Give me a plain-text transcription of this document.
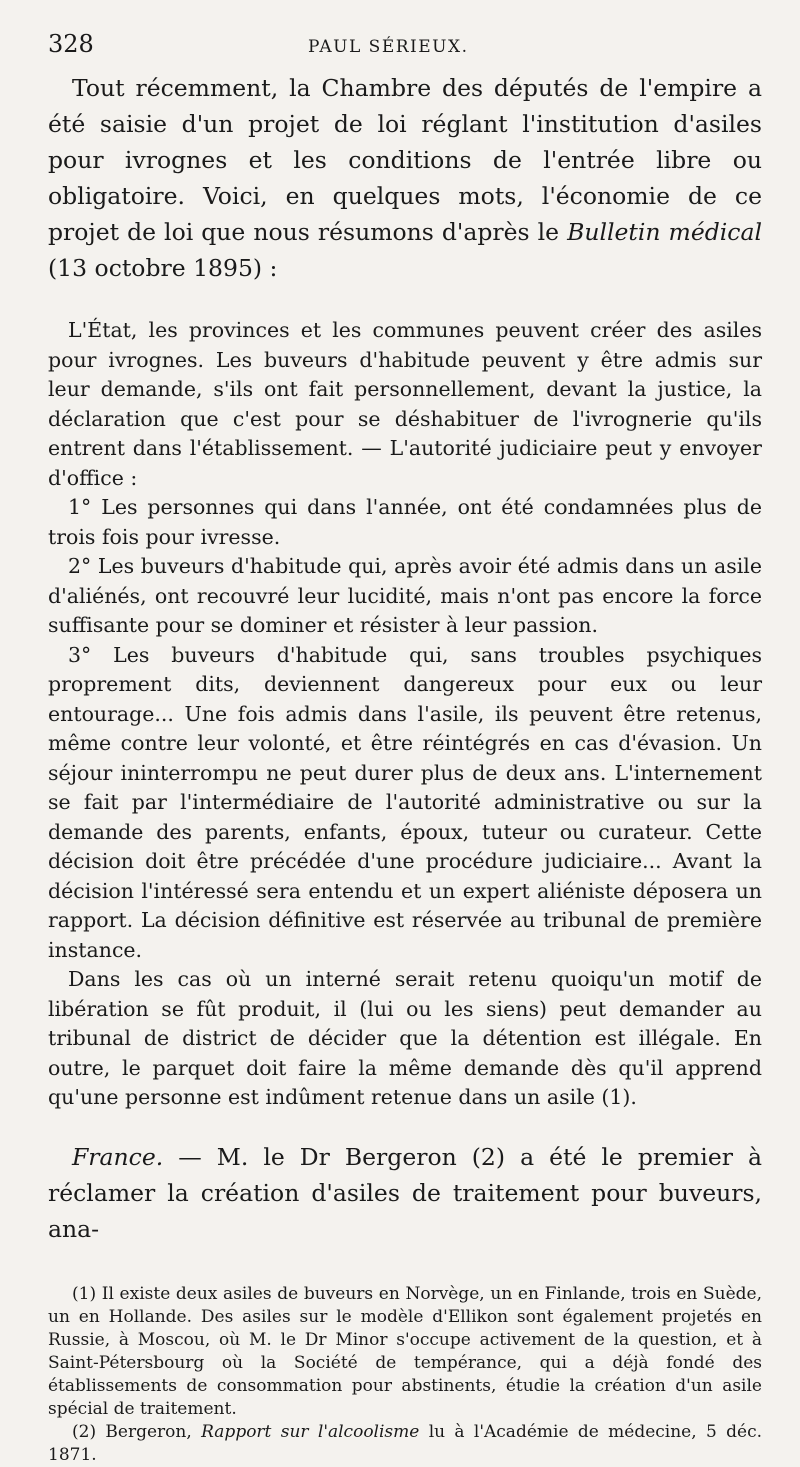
328	PAUL SÉRIEUX.

Tout récemment, la Chambre des députés de l'empire a été saisie d'un projet de loi réglant l'institution d'asiles pour ivrognes et les conditions de l'entrée libre ou obligatoire. Voici, en quelques mots, l'économie de ce projet de loi que nous résumons d'après le Bulletin médical (13 octobre 1895) :

L'État, les provinces et les communes peuvent créer des asiles pour ivrognes. Les buveurs d'habitude peuvent y être admis sur leur demande, s'ils ont fait personnellement, devant la justice, la déclaration que c'est pour se déshabituer de l'ivrognerie qu'ils entrent dans l'établissement. — L'autorité judiciaire peut y envoyer d'office :

1° Les personnes qui dans l'année, ont été condamnées plus de trois fois pour ivresse.

2° Les buveurs d'habitude qui, après avoir été admis dans un asile d'aliénés, ont recouvré leur lucidité, mais n'ont pas encore la force suffisante pour se dominer et résister à leur passion.

3° Les buveurs d'habitude qui, sans troubles psychiques proprement dits, deviennent dangereux pour eux ou leur entourage... Une fois admis dans l'asile, ils peuvent être retenus, même contre leur volonté, et être réintégrés en cas d'évasion. Un séjour ininterrompu ne peut durer plus de deux ans. L'internement se fait par l'intermédiaire de l'autorité administrative ou sur la demande des parents, enfants, époux, tuteur ou curateur. Cette décision doit être précédée d'une procédure judiciaire... Avant la décision l'intéressé sera entendu et un expert aliéniste déposera un rapport. La décision définitive est réservée au tribunal de première instance.

Dans les cas où un interné serait retenu quoiqu'un motif de libération se fût produit, il (lui ou les siens) peut demander au tribunal de district de décider que la détention est illégale. En outre, le parquet doit faire la même demande dès qu'il apprend qu'une personne est indûment retenue dans un asile (1).

France. — M. le Dr Bergeron (2) a été le premier à réclamer la création d'asiles de traitement pour buveurs, ana-

(1) Il existe deux asiles de buveurs en Norvège, un en Finlande, trois en Suède, un en Hollande. Des asiles sur le modèle d'Ellikon sont également projetés en Russie, à Moscou, où M. le Dr Minor s'occupe activement de la question, et à Saint-Pétersbourg où la Société de tempérance, qui a déjà fondé des établissements de consommation pour abstinents, étudie la création d'un asile spécial de traitement.

(2) Bergeron, Rapport sur l'alcoolisme lu à l'Académie de médecine, 5 déc. 1871.
